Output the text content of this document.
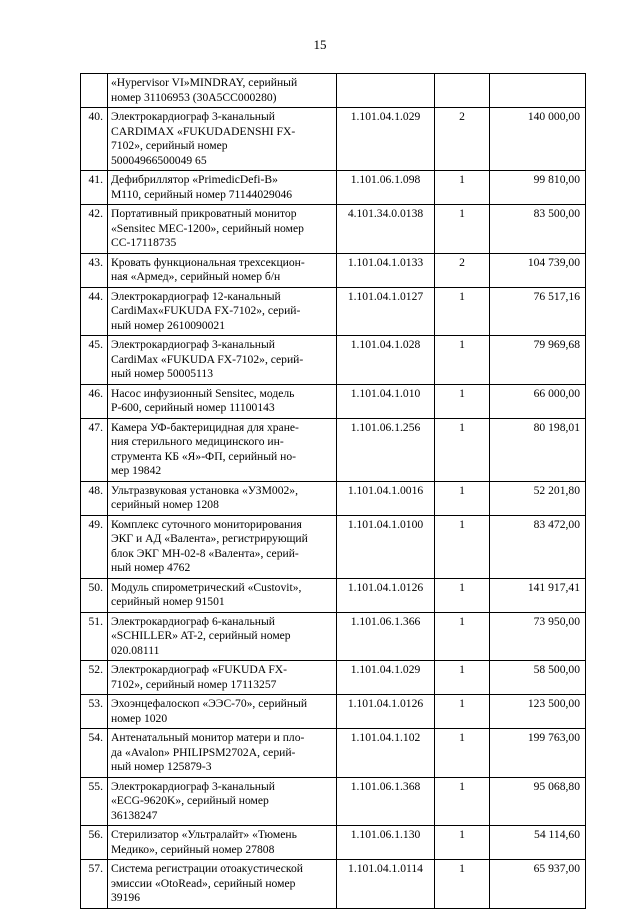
15

	«Hypervisor VI»MINDRAY, серийный
номер 31106953 (30A5CC000280)			

40.	Электрокардиограф 3-канальный
CARDIMAX «FUKUDADENSHI FX-
7102», серийный номер
50004966500049 65	1.101.04.1.029	2	140 000,00
41.	Дефибриллятор «PrimedicDefi-B»
M110, серийный номер 71144029046	1.101.06.1.098	1	99 810,00
42.	Портативный прикроватный монитор
«Sensitec MEC-1200», серийный номер
CC-17118735	4.101.34.0.0138	1	83 500,00
43.	Кровать функциональная трехсекцион-
ная «Армед», серийный номер б/н	1.101.04.1.0133	2	104 739,00
44.	Электрокардиограф 12-канальный
CardiMax«FUKUDA FX-7102», серий-
ный номер 2610090021	1.101.04.1.0127	1	76 517,16
45.	Электрокардиограф 3-канальный
CardiMax «FUKUDA FX-7102», серий-
ный номер 50005113	1.101.04.1.028	1	79 969,68
46.	Насос инфузионный Sensitec, модель
P-600, серийный номер 11100143	1.101.04.1.010	1	66 000,00
47.	Камера УФ-бактерицидная для хране-
ния стерильного медицинского ин-
струмента КБ «Я»-ФП, серийный но-
мер 19842	1.101.06.1.256	1	80 198,01
48.	Ультразвуковая установка «УЗМ002»,
серийный номер 1208	1.101.04.1.0016	1	52 201,80
49.	Комплекс суточного мониторирования
ЭКГ и АД «Валента», регистрирующий
блок ЭКГ МН-02-8 «Валента», серий-
ный номер 4762	1.101.04.1.0100	1	83 472,00
50.	Модуль спирометрический «Custovit»,
серийный номер 91501	1.101.04.1.0126	1	141 917,41
51.	Электрокардиограф 6-канальный
«SCHILLER» AT-2, серийный номер
020.08111	1.101.06.1.366	1	73 950,00
52.	Электрокардиограф «FUKUDA FX-
7102», серийный номер 17113257	1.101.04.1.029	1	58 500,00
53.	Эхоэнцефалоскоп «ЭЭС-70», серийный
номер 1020	1.101.04.1.0126	1	123 500,00
54.	Антенатальный монитор матери и пло-
да «Avalon» PHILIPSM2702A, серий-
ный номер 125879-3	1.101.04.1.102	1	199 763,00
55.	Электрокардиограф 3-канальный
«ECG-9620K», серийный номер
36138247	1.101.06.1.368	1	95 068,80
56.	Стерилизатор «Ультралайт» «Тюмень
Медико», серийный номер 27808	1.101.06.1.130	1	54 114,60
57.	Система регистрации отоакустической
эмиссии «OtoRead», серийный номер
39196	1.101.04.1.0114	1	65 937,00
